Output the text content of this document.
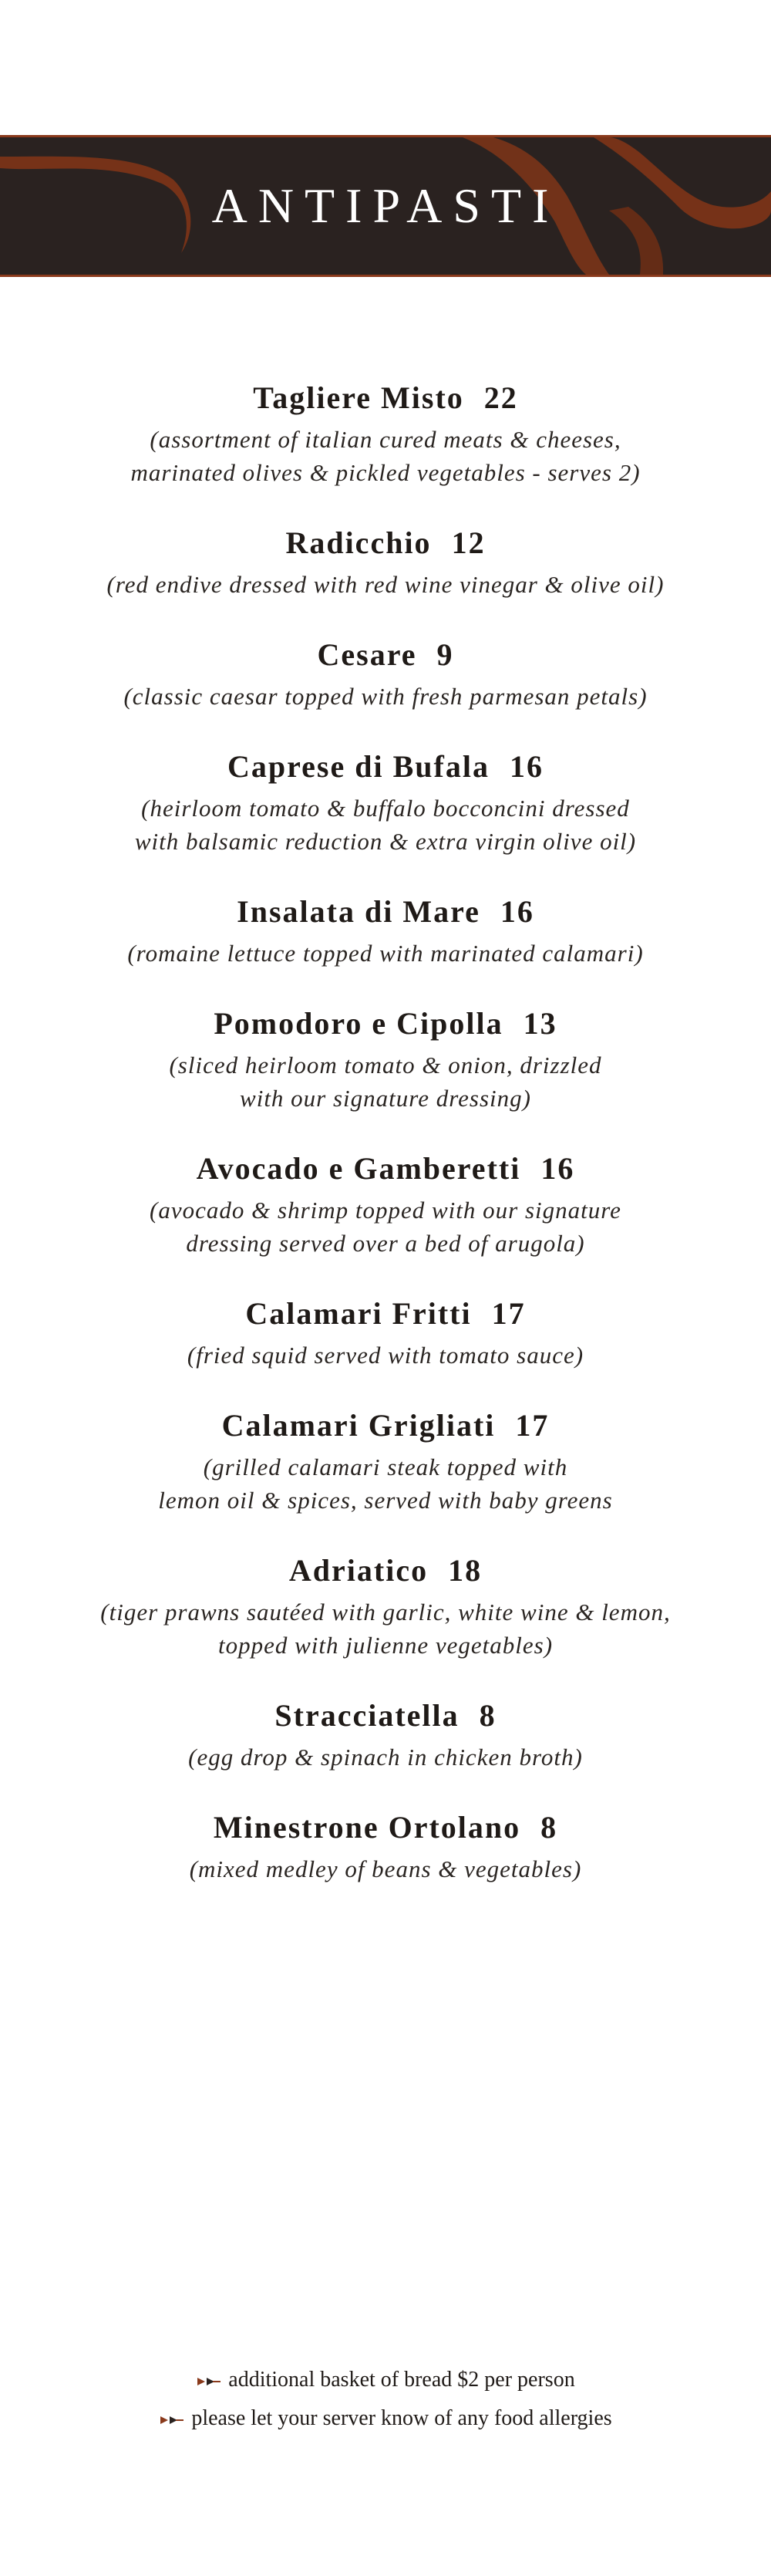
ANTIPASTI
Tagliere Misto 22
(assortment of italian cured meats & cheeses,
marinated olives & pickled vegetables - serves 2)
Radicchio 12
(red endive dressed with red wine vinegar & olive oil)
Cesare 9
(classic caesar topped with fresh parmesan petals)
Caprese di Bufala 16
(heirloom tomato & buffalo bocconcini dressed
with balsamic reduction & extra virgin olive oil)
Insalata di Mare 16
(romaine lettuce topped with marinated calamari)
Pomodoro e Cipolla 13
(sliced heirloom tomato & onion, drizzled
with our signature dressing)
Avocado e Gamberetti 16
(avocado & shrimp topped with our signature
dressing served over a bed of arugola)
Calamari Fritti 17
(fried squid served with tomato sauce)
Calamari Grigliati 17
(grilled calamari steak topped with
lemon oil & spices, served with baby greens
Adriatico 18
(tiger prawns sautéed with garlic, white wine & lemon,
topped with julienne vegetables)
Stracciatella 8
(egg drop & spinach in chicken broth)
Minestrone Ortolano 8
(mixed medley of beans & vegetables)
additional basket of bread $2 per person
please let your server know of any food allergies
